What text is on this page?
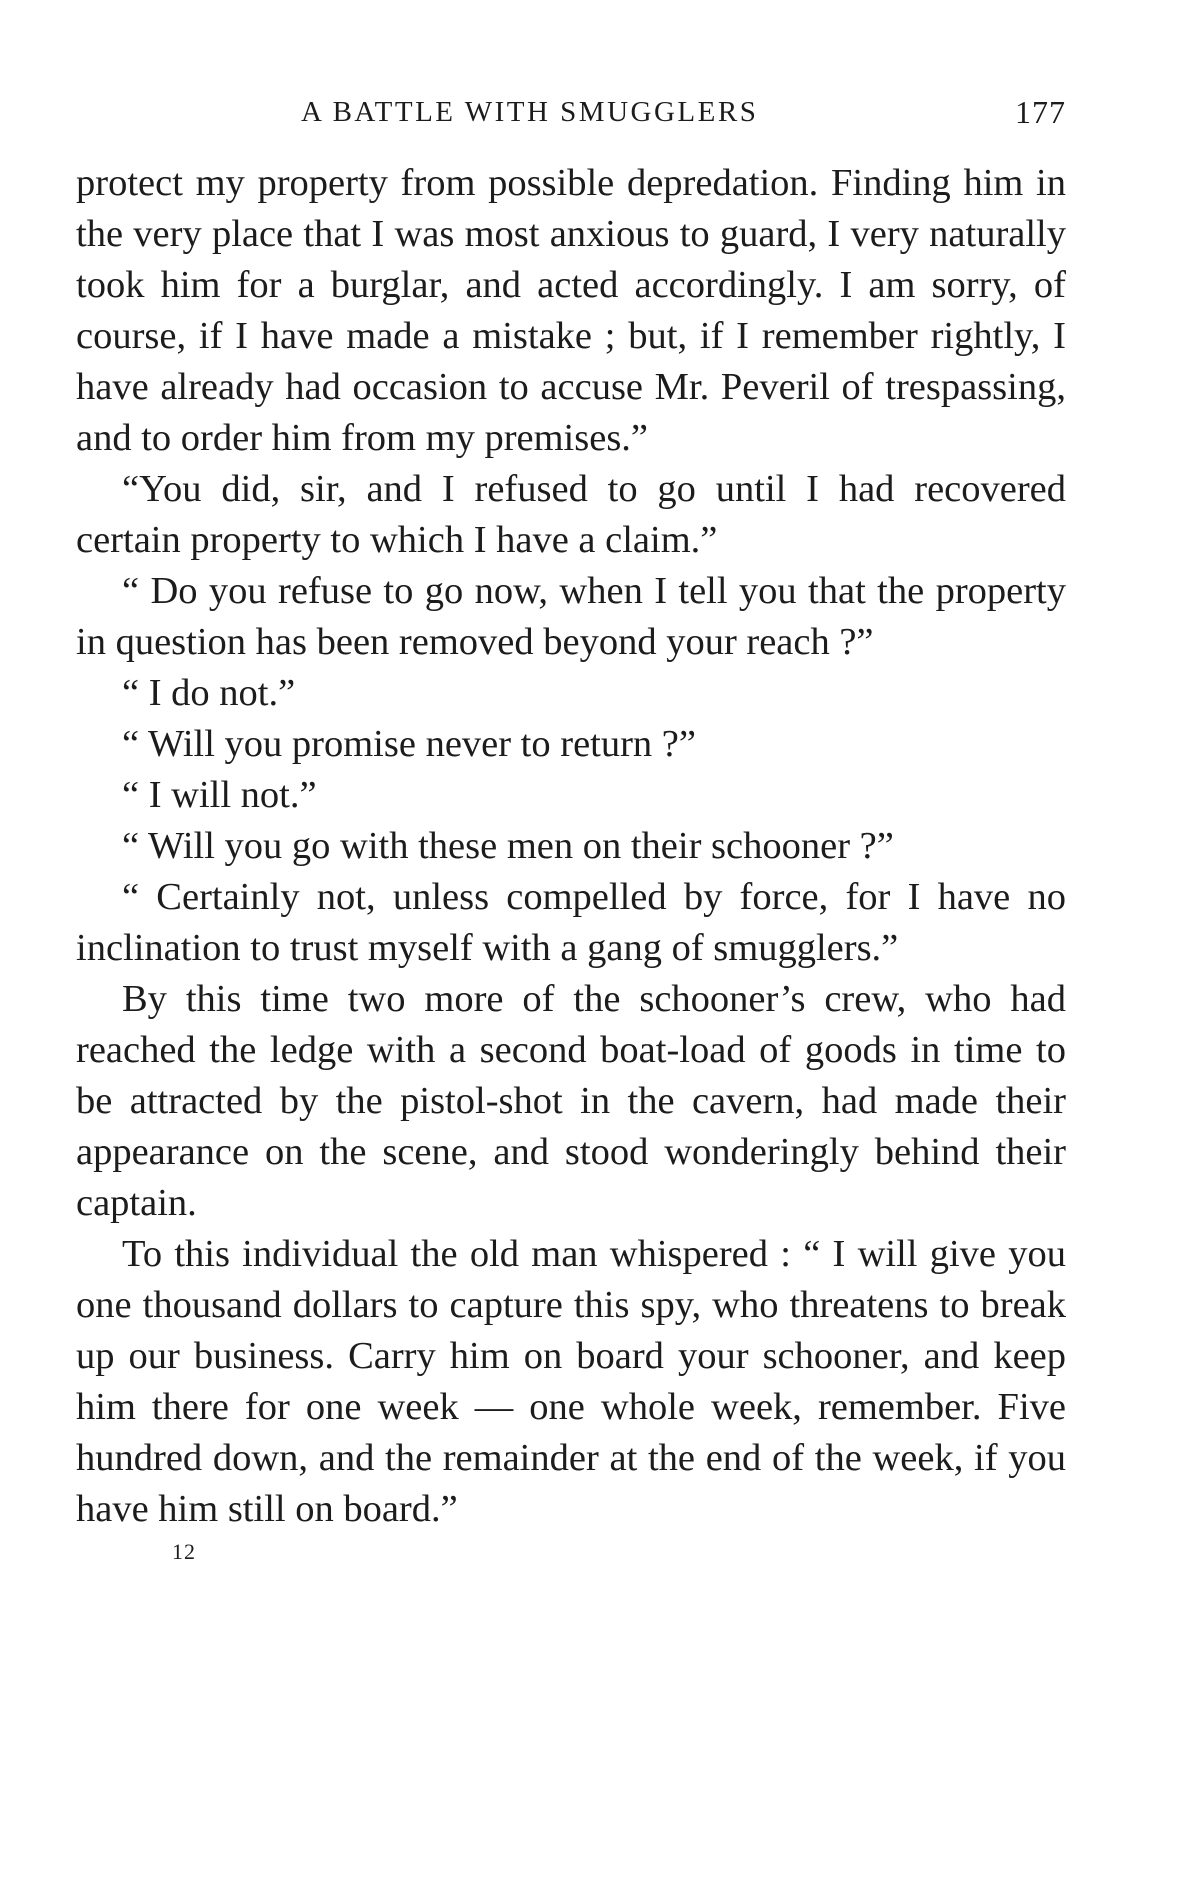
A BATTLE WITH SMUGGLERS	177

protect my property from possible depredation. Finding him in the very place that I was most anxious to guard, I very naturally took him for a burglar, and acted accordingly. I am sorry, of course, if I have made a mistake ; but, if I remember rightly, I have already had occasion to accuse Mr. Peveril of trespassing, and to order him from my premises.”

“You did, sir, and I refused to go until I had recovered certain property to which I have a claim.”

“ Do you refuse to go now, when I tell you that the property in question has been removed beyond your reach ?”

“ I do not.”

“ Will you promise never to return ?”

“ I will not.”

“ Will you go with these men on their schooner ?”

“ Certainly not, unless compelled by force, for I have no inclination to trust myself with a gang of smugglers.”

By this time two more of the schooner’s crew, who had reached the ledge with a second boat-load of goods in time to be attracted by the pistol-shot in the cavern, had made their appearance on the scene, and stood wonderingly behind their captain.

To this individual the old man whispered : “ I will give you one thousand dollars to capture this spy, who threatens to break up our business. Carry him on board your schooner, and keep him there for one week — one whole week, remember. Five hundred down, and the remainder at the end of the week, if you have him still on board.”

12
